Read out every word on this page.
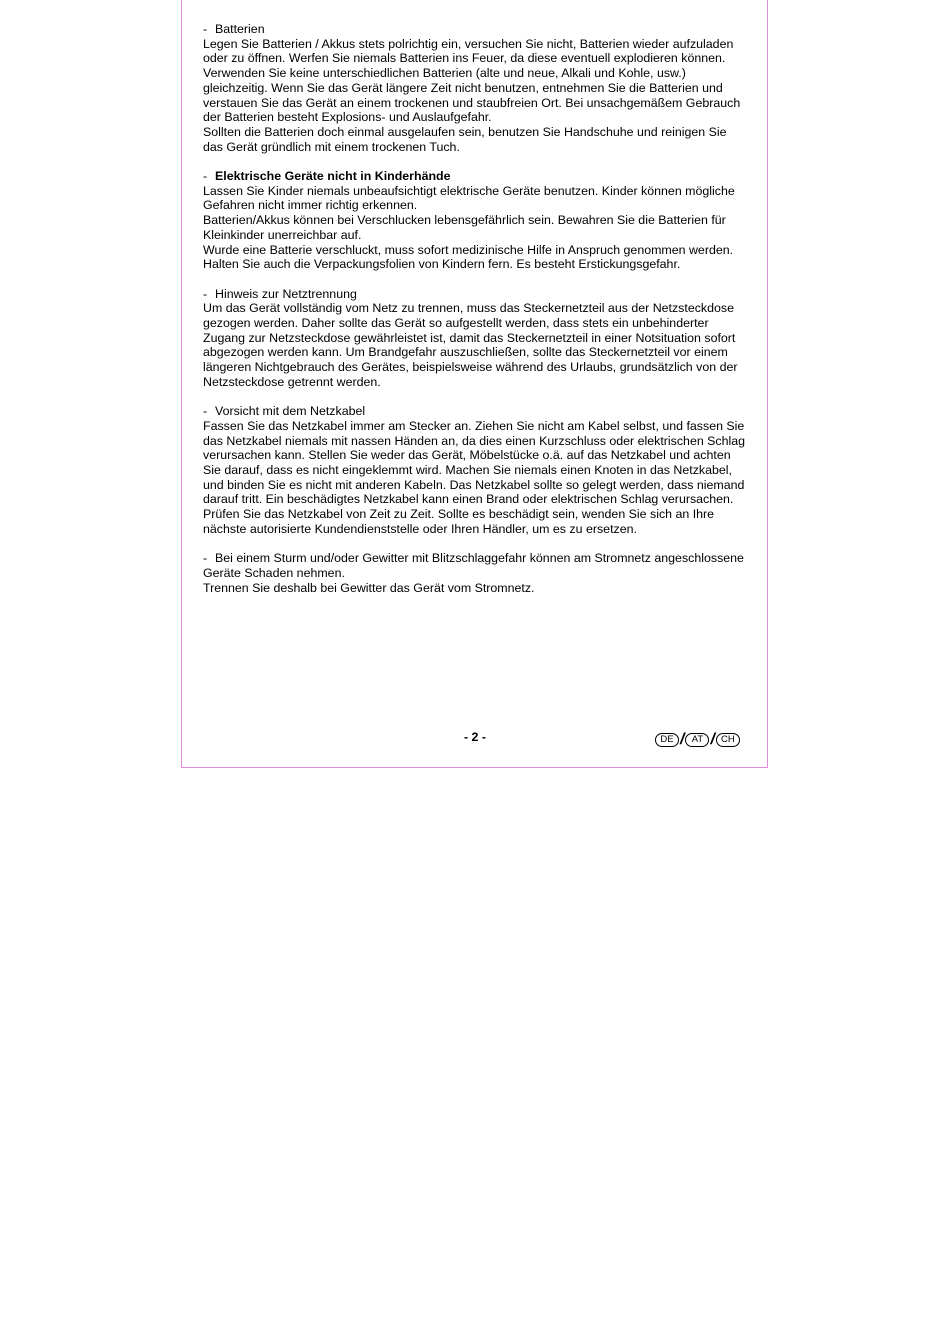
- Batterien
Legen Sie Batterien / Akkus stets polrichtig ein, versuchen Sie nicht, Batterien wieder aufzuladen oder zu öffnen. Werfen Sie niemals Batterien ins Feuer, da diese eventuell explodieren können. Verwenden Sie keine unterschiedlichen Batterien (alte und neue, Alkali und Kohle, usw.) gleichzeitig. Wenn Sie das Gerät längere Zeit nicht benutzen, entnehmen Sie die Batterien und verstauen Sie das Gerät an einem trockenen und staubfreien Ort. Bei unsachgemäßem Gebrauch der Batterien besteht Explosions- und Auslaufgefahr.
Sollten die Batterien doch einmal ausgelaufen sein, benutzen Sie Handschuhe und reinigen Sie das Gerät gründlich mit einem trockenen Tuch.
- Elektrische Geräte nicht in Kinderhände
Lassen Sie Kinder niemals unbeaufsichtigt elektrische Geräte benutzen. Kinder können mögliche Gefahren nicht immer richtig erkennen.
Batterien/Akkus können bei Verschlucken lebensgefährlich sein. Bewahren Sie die Batterien für Kleinkinder unerreichbar auf.
Wurde eine Batterie verschluckt, muss sofort medizinische Hilfe in Anspruch genommen werden.
Halten Sie auch die Verpackungsfolien von Kindern fern. Es besteht Erstickungsgefahr.
- Hinweis zur Netztrennung
Um das Gerät vollständig vom Netz zu trennen, muss das Steckernetzteil aus der Netzsteckdose gezogen werden. Daher sollte das Gerät so aufgestellt werden, dass stets ein unbehinderter Zugang zur Netzsteckdose gewährleistet ist, damit das Steckernetzteil in einer Notsituation sofort abgezogen werden kann. Um Brandgefahr auszuschließen, sollte das Steckernetzteil vor einem längeren Nichtgebrauch des Gerätes, beispielsweise während des Urlaubs, grundsätzlich von der Netzsteckdose getrennt werden.
- Vorsicht mit dem Netzkabel
Fassen Sie das Netzkabel immer am Stecker an. Ziehen Sie nicht am Kabel selbst, und fassen Sie das Netzkabel niemals mit nassen Händen an, da dies einen Kurzschluss oder elektrischen Schlag verursachen kann. Stellen Sie weder das Gerät, Möbelstücke o.ä. auf das Netzkabel und achten Sie darauf, dass es nicht eingeklemmt wird. Machen Sie niemals einen Knoten in das Netzkabel, und binden Sie es nicht mit anderen Kabeln. Das Netzkabel sollte so gelegt werden, dass niemand darauf tritt. Ein beschädigtes Netzkabel kann einen Brand oder elektrischen Schlag verursachen. Prüfen Sie das Netzkabel von Zeit zu Zeit. Sollte es beschädigt sein, wenden Sie sich an Ihre nächste autorisierte Kundendienststelle oder Ihren Händler, um es zu ersetzen.
- Bei einem Sturm und/oder Gewitter mit Blitzschlaggefahr können am Stromnetz angeschlossene Geräte Schaden nehmen.
Trennen Sie deshalb bei Gewitter das Gerät vom Stromnetz.
- 2 -	DE / AT / CH
